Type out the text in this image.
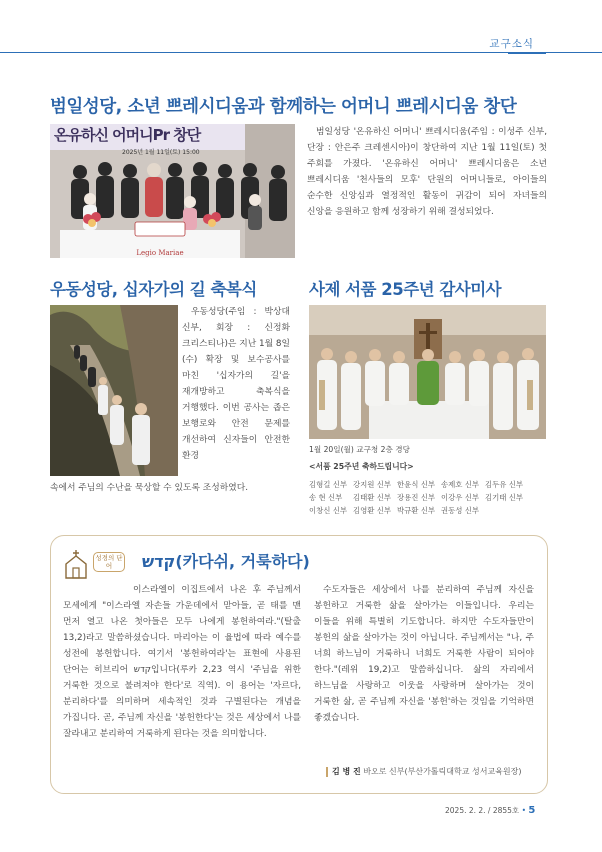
교구소식
범일성당, 소년 쁘레시디움과 함께하는 어머니 쁘레시디움 창단
Legio Mariae
온유하신 어머니Pr 창단
2025년 1월 11일(토) 15:00
범일성당 '온유하신 어머니' 쁘레시디움(주임 : 이성주 신부, 단장 : 안은주 크레센시아)이 창단하여 지난 1월 11일(토) 첫 주회를 가졌다. '온유하신 어머니' 쁘레시디움은 소년 쁘레시디움 '천사들의 모후' 단원의 어머니들로, 아이들의 순수한 신앙심과 열정적인 활동이 귀감이 되어 자녀들의 신앙을 응원하고 함께 성장하기 위해 결성되었다.
우동성당, 십자가의 길 축복식
우동성당(주임 : 박상대 신부, 회장 : 신정화 크리스티나)은 지난 1월 8일(수) 확장 및 보수공사를 마친 '십자가의 길'을 재개방하고 축복식을 거행했다. 이번 공사는 좁은 보행로와 안전 문제를 개선하여 신자들이 안전한 환경
속에서 주님의 수난을 묵상할 수 있도록 조성하였다.
사제 서품 25주년 감사미사
1월 20일(월) 교구청 2층 경당
<서품 25주년 축하드립니다>
김형길 신부 강지원 신부 한윤식 신부 송제호 신부 김두유 신부
송 현 신부 김태환 신부 장용진 신부 이강우 신부 김기태 신부
이창신 신부 김영환 신부 박규환 신부 권동성 신부
성경의 단어	קדש(카다쉬, 거룩하다)
이스라엘이 이집트에서 나온 후 주님께서 모세에게 "이스라엘 자손들 가운데에서 맏아들, 곧 태를 맨 먼저 열고 나온 첫아들은 모두 나에게 봉헌하여라."(탈출 13,2)라고 말씀하셨습니다. 마리아는 이 율법에 따라 예수를 성전에 봉헌합니다. 여기서 '봉헌하여라'는 표현에 사용된 단어는 히브리어 קדש입니다(루카 2,23 역시 '주님을 위한 거룩한 것으로 불려져야 한다'로 직역). 이 용어는 '자르다, 분리하다'를 의미하며 세속적인 것과 구별된다는 개념을 가집니다. 곧, 주님께 자신을 '봉헌한다'는 것은 세상에서 나를 잘라내고 분리하여 거룩하게 된다는 것을 의미합니다.
수도자들은 세상에서 나를 분리하여 주님께 자신을 봉헌하고 거룩한 삶을 살아가는 이들입니다. 우리는 이들을 위해 특별히 기도합니다. 하지만 수도자들만이 봉헌의 삶을 살아가는 것이 아닙니다. 주님께서는 "나, 주 너희 하느님이 거룩하니 너희도 거룩한 사람이 되어야 한다."(레위 19,2)고 말씀하십니다. 삶의 자리에서 하느님을 사랑하고 이웃을 사랑하며 살아가는 것이 거룩한 삶, 곧 주님께 자신을 '봉헌'하는 것임을 기억하면 좋겠습니다.
김 병 진 바오로 신부(부산가톨릭대학교 성서교육원장)
2025. 2. 2. / 2855호 • 5
